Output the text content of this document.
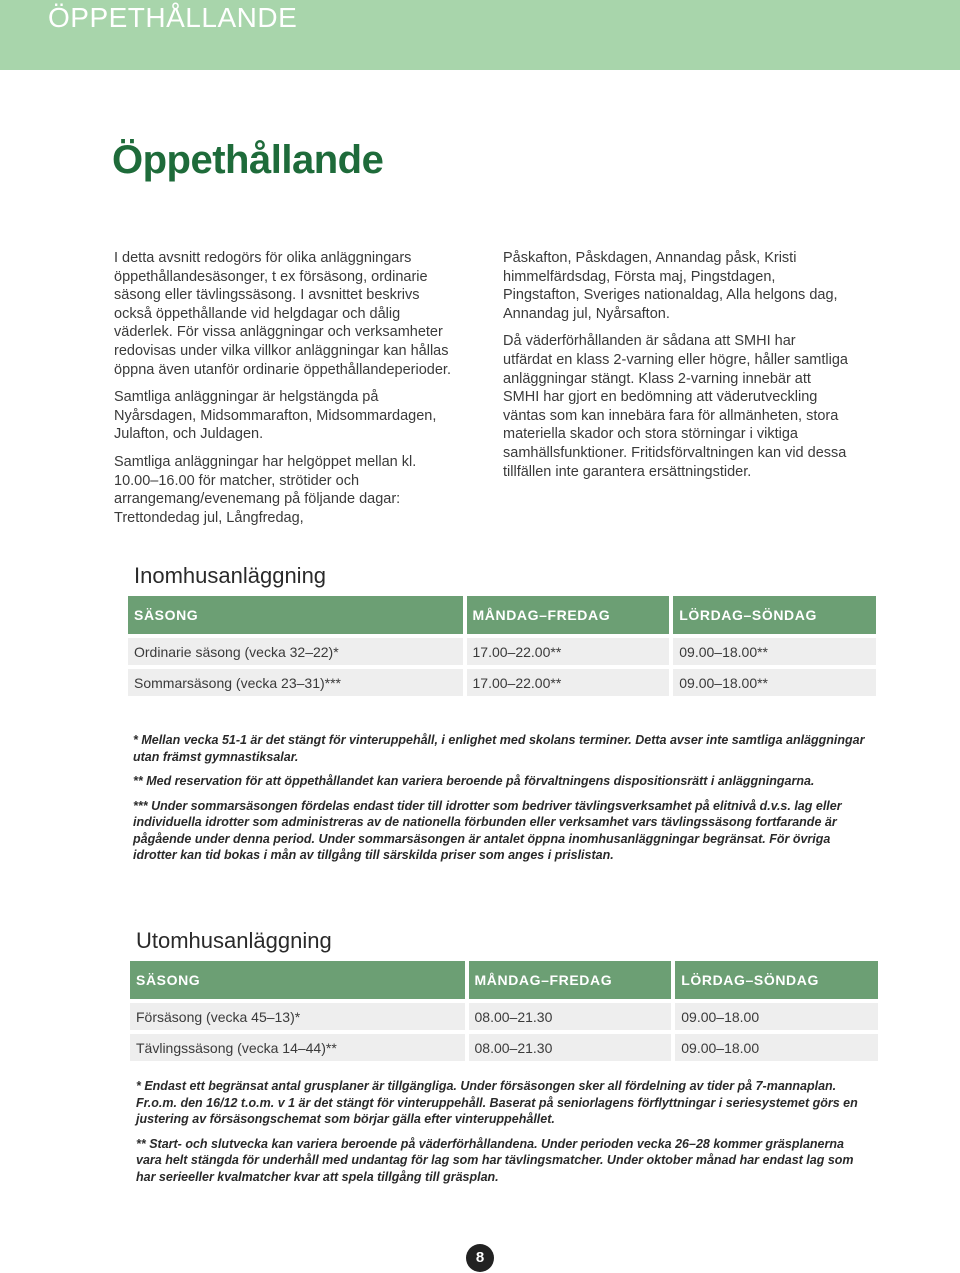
ÖPPETHÅLLANDE
Öppethållande

I detta avsnitt redogörs för olika anläggningars öppethållandesäsonger, t ex försäsong, ordinarie säsong eller tävlingssäsong. I avsnittet beskrivs också öppethållande vid helgdagar och dålig väderlek. För vissa anläggningar och verksamheter redovisas under vilka villkor anläggningar kan hållas öppna även utanför ordinarie öppethållandeperioder.

Samtliga anläggningar är helgstängda på Nyårsdagen, Midsommarafton, Midsommardagen, Julafton, och Juldagen.

Samtliga anläggningar har helgöppet mellan kl. 10.00–16.00 för matcher, strötider och arrangemang/evenemang på följande dagar: Trettondedag jul, Långfredag,

Påskafton, Påskdagen, Annandag påsk, Kristi himmelfärdsdag, Första maj, Pingstdagen, Pingstafton, Sveriges nationaldag, Alla helgons dag, Annandag jul, Nyårsafton.

Då väderförhållanden är sådana att SMHI har utfärdat en klass 2-varning eller högre, håller samtliga anläggningar stängt. Klass 2-varning innebär att SMHI har gjort en bedömning att väderutveckling väntas som kan innebära fara för allmänheten, stora materiella skador och stora störningar i viktiga samhällsfunktioner. Fritidsförvaltningen kan vid dessa tillfällen inte garantera ersättningstider.

Inomhusanläggning
SÄSONG	MÅNDAG–FREDAG	LÖRDAG–SÖNDAG
Ordinarie säsong (vecka 32–22)*	17.00–22.00**	09.00–18.00**
Sommarsäsong (vecka 23–31)***	17.00–22.00**	09.00–18.00**

* Mellan vecka 51-1 är det stängt för vinteruppehåll, i enlighet med skolans terminer. Detta avser inte samtliga anläggningar utan främst gymnastiksalar.

** Med reservation för att öppethållandet kan variera beroende på förvaltningens dispositionsrätt i anläggningarna.

*** Under sommarsäsongen fördelas endast tider till idrotter som bedriver tävlingsverksamhet på elitnivå d.v.s. lag eller individuella idrotter som administreras av de nationella förbunden eller verksamhet vars tävlingssäsong fortfarande är pågående under denna period. Under sommarsäsongen är antalet öppna inomhusanläggningar begränsat. För övriga idrotter kan tid bokas i mån av tillgång till särskilda priser som anges i prislistan.

Utomhusanläggning
SÄSONG	MÅNDAG–FREDAG	LÖRDAG–SÖNDAG
Försäsong (vecka 45–13)*	08.00–21.30	09.00–18.00
Tävlingssäsong (vecka 14–44)**	08.00–21.30	09.00–18.00

* Endast ett begränsat antal grusplaner är tillgängliga. Under försäsongen sker all fördelning av tider på 7-mannaplan. Fr.o.m. den 16/12 t.o.m. v 1 är det stängt för vinteruppehåll. Baserat på seniorlagens förflyttningar i seriesystemet görs en justering av försäsongschemat som börjar gälla efter vinteruppehållet.

** Start- och slutvecka kan variera beroende på väderförhållandena. Under perioden vecka 26–28 kommer gräsplanerna vara helt stängda för underhåll med undantag för lag som har tävlingsmatcher. Under oktober månad har endast lag som har serieeller kvalmatcher kvar att spela tillgång till gräsplan.

8
